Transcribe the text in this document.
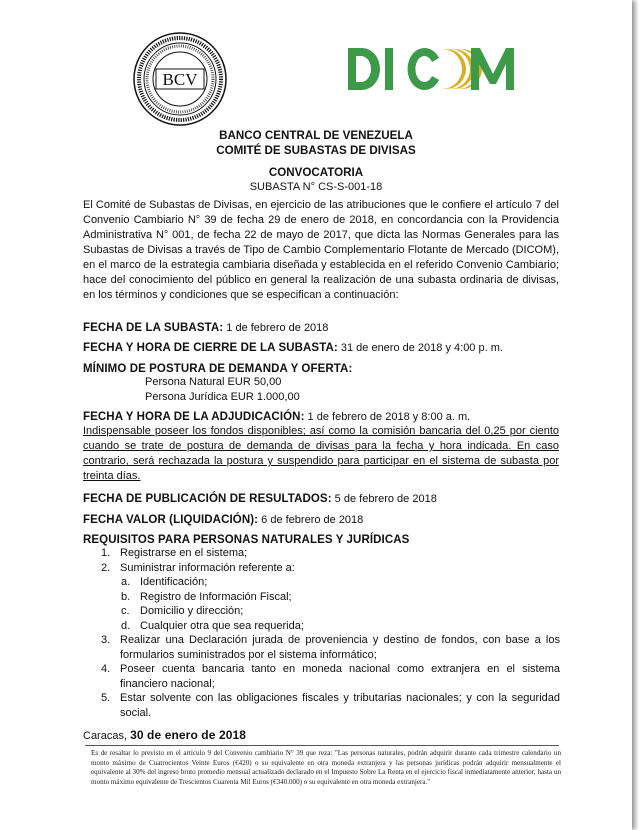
BCV
DICOM
BANCO CENTRAL DE VENEZUELA
COMITÉ DE SUBASTAS DE DIVISAS
CONVOCATORIA
SUBASTA N° CS-S-001-18
El Comité de Subastas de Divisas, en ejercicio de las atribuciones que le confiere el artículo 7 del Convenio Cambiario N° 39 de fecha 29 de enero de 2018, en concordancia con la Providencia Administrativa N° 001, de fecha 22 de mayo de 2017, que dicta las Normas Generales para las Subastas de Divisas a través de Tipo de Cambio Complementario Flotante de Mercado (DICOM), en el marco de la estrategia cambiaria diseñada y establecida en el referido Convenio Cambiario; hace del conocimiento del público en general la realización de una subasta ordinaria de divisas, en los términos y condiciones que se especifican a continuación:
FECHA DE LA SUBASTA: 1 de febrero de 2018
FECHA Y HORA DE CIERRE DE LA SUBASTA: 31 de enero de 2018 y 4:00 p. m.
MÍNIMO DE POSTURA DE DEMANDA Y OFERTA:
Persona Natural EUR 50,00
Persona Jurídica EUR 1.000,00
FECHA Y HORA DE LA ADJUDICACIÓN: 1 de febrero de 2018 y 8:00 a. m.
Indispensable poseer los fondos disponibles; así como la comisión bancaria del 0,25 por ciento cuando se trate de postura de demanda de divisas para la fecha y hora indicada. En caso contrario, será rechazada la postura y suspendido para participar en el sistema de subasta por treinta días.
FECHA DE PUBLICACIÓN DE RESULTADOS: 5 de febrero de 2018
FECHA VALOR (LIQUIDACIÓN): 6 de febrero de 2018
REQUISITOS PARA PERSONAS NATURALES Y JURÍDICAS
1. Registrarse en el sistema;
2. Suministrar información referente a:
a. Identificación;
b. Registro de Información Fiscal;
c. Domicilio y dirección;
d. Cualquier otra que sea requerida;
3. Realizar una Declaración jurada de proveniencia y destino de fondos, con base a los formularios suministrados por el sistema informático;
4. Poseer cuenta bancaria tanto en moneda nacional como extranjera en el sistema financiero nacional;
5. Estar solvente con las obligaciones fiscales y tributarias nacionales; y con la seguridad social.
Caracas, 30 de enero de 2018
Es de resaltar lo previsto en el artículo 9 del Convenio cambiario N° 39 que reza: "Las personas naturales, podrán adquirir durante cada trimestre calendario un monto máximo de Cuatrocientos Veinte Euros (€420) o su equivalente en otra moneda extranjera y las personas jurídicas podrán adquirir mensualmente el equivalente al 30% del ingreso bruto promedio mensual actualizado declarado en el Impuesto Sobre La Renta en el ejercicio fiscal inmediatamente anterior, hasta un monto máximo equivalente de Trescientos Cuarenta Mil Euros (€340.000) o su equivalente en otra moneda extranjera."
